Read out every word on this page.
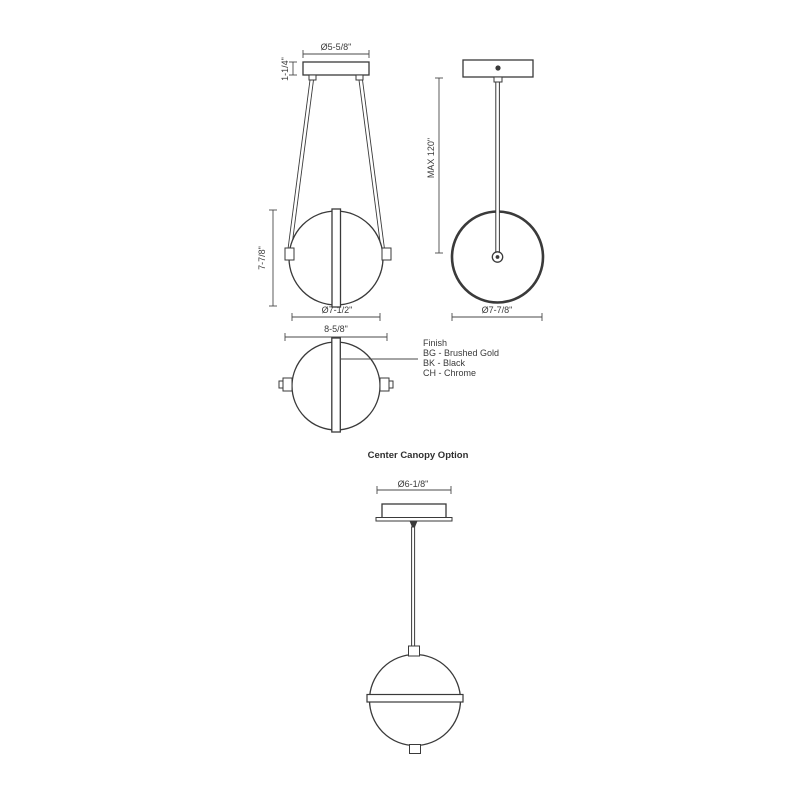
Ø5-5/8"
1-1/4"
7-7/8"
Ø7-1/2"
MAX 120"
Ø7-7/8"
8-5/8"
Finish
BG - Brushed Gold
BK - Black
CH - Chrome
Center Canopy Option
Ø6-1/8"
